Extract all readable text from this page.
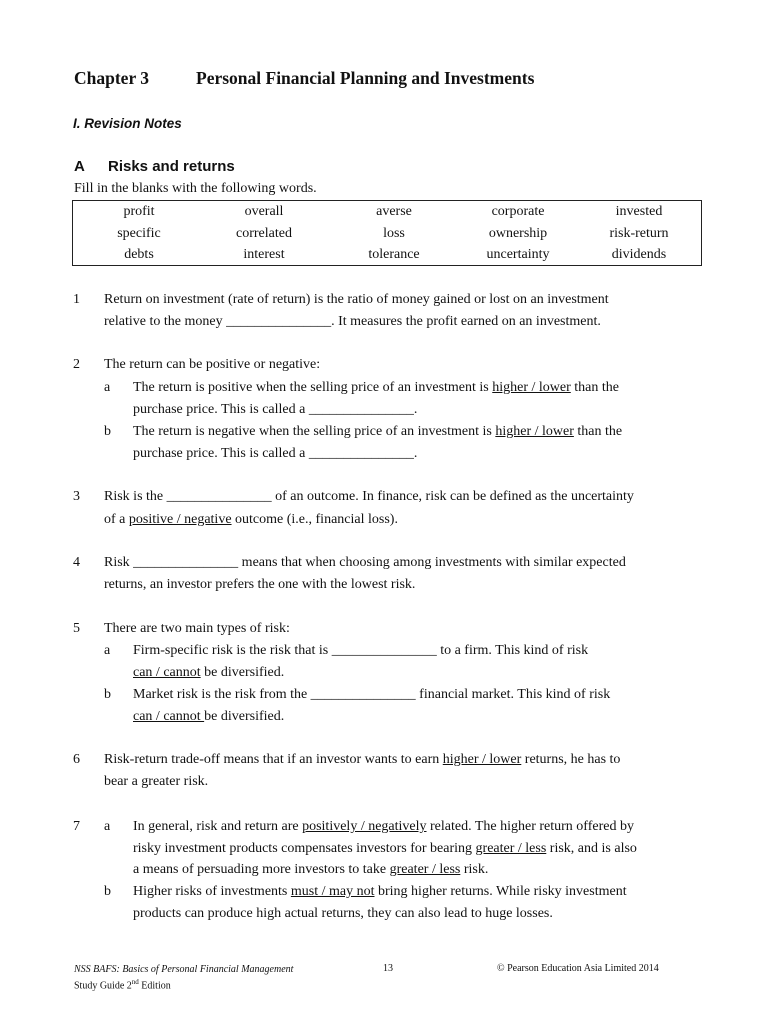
Chapter 3	Personal Financial Planning and Investments
I. Revision Notes
A Risks and returns
Fill in the blanks with the following words.
profit	overall	averse	corporate	invested
specific	correlated	loss	ownership	risk-return
debts	interest	tolerance	uncertainty	dividends
1 Return on investment (rate of return) is the ratio of money gained or lost on an investment
relative to the money _______________. It measures the profit earned on an investment.
2 The return can be positive or negative:
a The return is positive when the selling price of an investment is higher / lower than the
purchase price. This is called a _______________.
b The return is negative when the selling price of an investment is higher / lower than the
purchase price. This is called a _______________.
3 Risk is the _______________ of an outcome. In finance, risk can be defined as the uncertainty
of a positive / negative outcome (i.e., financial loss).
4 Risk _______________ means that when choosing among investments with similar expected
returns, an investor prefers the one with the lowest risk.
5 There are two main types of risk:
a Firm-specific risk is the risk that is _______________ to a firm. This kind of risk
can / cannot be diversified.
b Market risk is the risk from the _______________ financial market. This kind of risk
can / cannot be diversified.
6 Risk-return trade-off means that if an investor wants to earn higher / lower returns, he has to
bear a greater risk.
7 a In general, risk and return are positively / negatively related. The higher return offered by
risky investment products compensates investors for bearing greater / less risk, and is also
a means of persuading more investors to take greater / less risk.
b Higher risks of investments must / may not bring higher returns. While risky investment
products can produce high actual returns, they can also lead to huge losses.
NSS BAFS: Basics of Personal Financial Management
Study Guide 2nd Edition
13	© Pearson Education Asia Limited 2014
